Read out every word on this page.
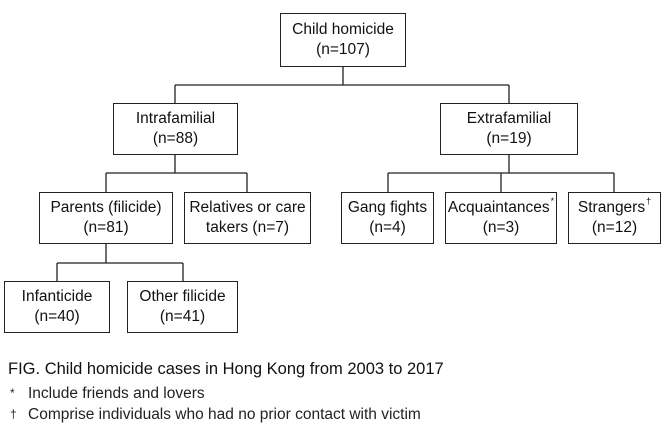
Child homicide
(n=107)
Intrafamilial
(n=88)
Extrafamilial
(n=19)
Parents (filicide)
(n=81)
Relatives or care
takers (n=7)
Gang fights
(n=4)
Acquaintances*
(n=3)
Strangers†
(n=12)
Infanticide
(n=40)
Other filicide
(n=41)
FIG. Child homicide cases in Hong Kong from 2003 to 2017
* Include friends and lovers
† Comprise individuals who had no prior contact with victim
